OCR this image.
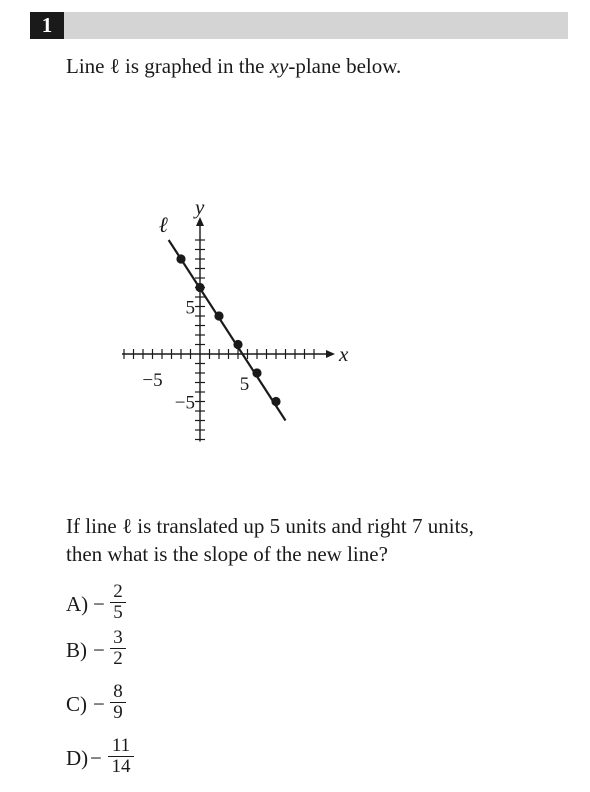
1
Line ℓ is graphed in the xy-plane below.
x
y
ℓ
−5	5
5
−5
If line ℓ is translated up 5 units and right 7 units,
then what is the slope of the new line?
$A) - \frac{2}{5}$
$B) - \frac{3}{2}$
$C) - \frac{8}{9}$
$D) - \frac{11}{14}$
